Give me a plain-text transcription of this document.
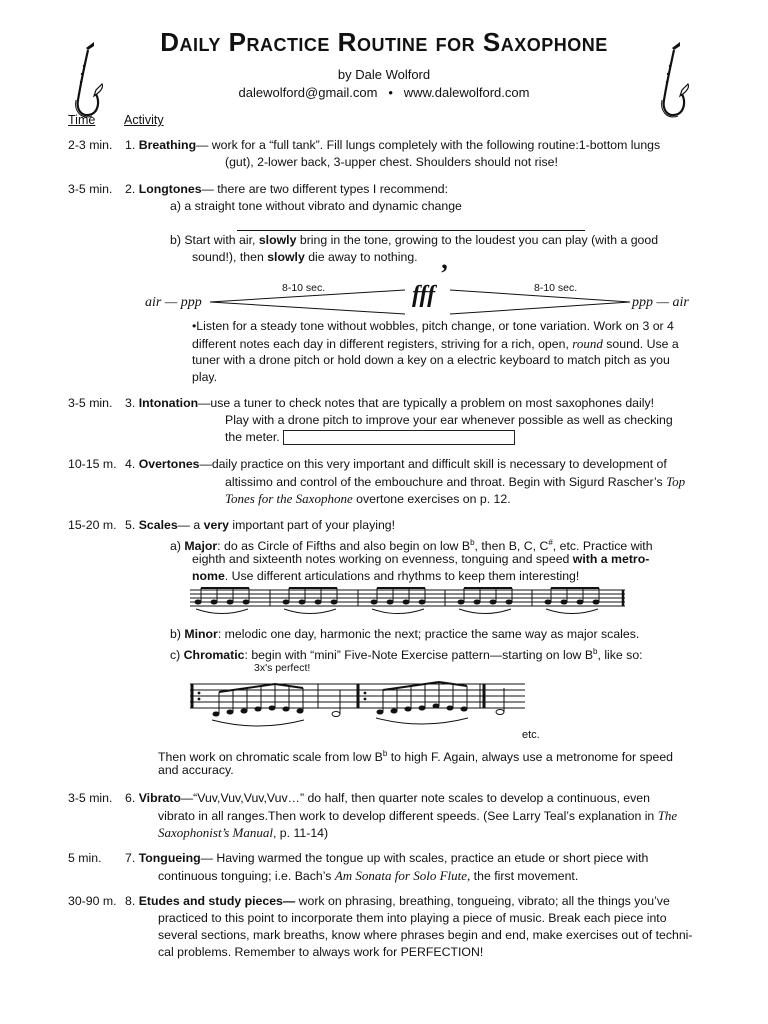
Daily Practice Routine for Saxophone
by Dale Wolford
dalewolford@gmail.com • www.dalewolford.com
Time Activity
2-3 min. 1. Breathing— work for a “full tank”. Fill lungs completely with the following routine:1-bottom lungs
(gut), 2-lower back, 3-upper chest. Shoulders should not rise!
3-5 min. 2. Longtones— there are two different types I recommend:
a) a straight tone without vibrato and dynamic change
b) Start with air, slowly bring in the tone, growing to the loudest you can play (with a good
sound!), then slowly die away to nothing.
air — ppp
8-10 sec.	fff
’	8-10 sec.
ppp — air
•Listen for a steady tone without wobbles, pitch change, or tone variation. Work on 3 or 4
different notes each day in different registers, striving for a rich, open, round sound. Use a
tuner with a drone pitch or hold down a key on a electric keyboard to match pitch as you
play.
3-5 min. 3. Intonation—use a tuner to check notes that are typically a problem on most saxophones daily!
Play with a drone pitch to improve your ear whenever possible as well as checking
the meter.
10-15 m. 4. Overtones—daily practice on this very important and difficult skill is necessary to development of
altissimo and control of the embouchure and throat. Begin with Sigurd Rascher’s Top
Tones for the Saxophone overtone exercises on p. 12.
15-20 m. 5. Scales— a very important part of your playing!
a) Major: do as Circle of Fifths and also begin on low $B^b$, then B, C, C#, etc. Practice with
eighth and sixteenth notes working on evenness, tonguing and speed with a metro-
nome. Use different articulations and rhythms to keep them interesting!
b) Minor: melodic one day, harmonic the next; practice the same way as major scales.
c) Chromatic: begin with “mini” Five-Note Exercise pattern—starting on low $B^b$, like so:
3x's perfect!
etc.
Then work on chromatic scale from low $B^b$ to high F. Again, always use a metronome for speed
and accuracy.
3-5 min. 6. Vibrato—“Vuv,Vuv,Vuv,Vuv…” do half, then quarter note scales to develop a continuous, even
vibrato in all ranges.Then work to develop different speeds. (See Larry Teal’s explanation in The
Saxophonist’s Manual, p. 11-14)
5 min. 7. Tongueing— Having warmed the tongue up with scales, practice an etude or short piece with
continuous tonguing; i.e. Bach’s Am Sonata for Solo Flute, the first movement.
30-90 m. 8. Etudes and study pieces— work on phrasing, breathing, tongueing, vibrato; all the things you’ve
practiced to this point to incorporate them into playing a piece of music. Break each piece into
several sections, mark breaths, know where phrases begin and end, make exercises out of techni-
cal problems. Remember to always work for PERFECTION!
